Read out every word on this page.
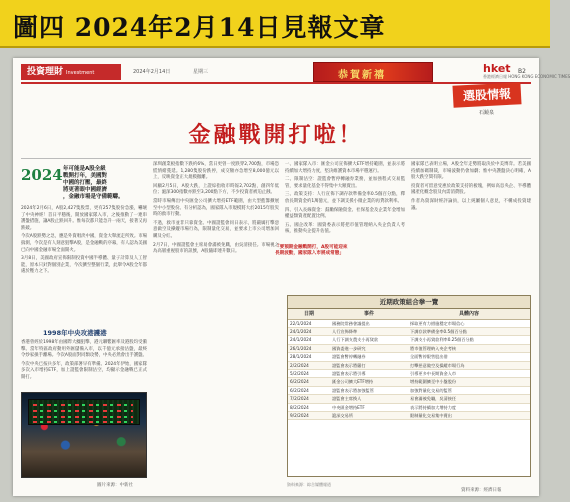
圖四 2024年2月14日見報文章
投資理財 Investment	2024年2月14日	星期三	恭賀新禧
hket
香港經濟日報 HONG KONG ECONOMIC TIMES
B2
選股情報
石鏡泉
金融戰開打啦！
2024 年可能是A股全級
戰開打年，美國對
中國的打壓，最終
將更著眼中國經濟
，金融市場是守備範疇。

2024年2月6日，A股2,427隻股票，更有257隻股份急漲，嚇壞了中央神經！首日平穩後，開放國家隊入市，之後推動了一連串護盤措施，讓A股止跌回升。惟每次都只能急升一兩天，接著又再跌破。

今次A股跌勢之急，應是外資唱淡中國，資金大舉流走所致。市場揣測，今次是有人刻意狙擊A股，是金融戰的序幕，有人認為美國已向中國金融市場全面開火。

3月8日，美國政府宣佈限制投資中國半導體、量子計算及人工智能，原本只針對個別企業，今次擴至整個行業，此舉令A股全年都處於壓力之下。

1998年中央攻港護港

香港曾經於1998年由國際大鱷狙擊，港元聯繫匯率及港股均受衝擊。當年特區政府動用外匯儲備入市，以千億元承接沽盤，最終令炒家損手離場。今次A股面對同類攻勢，中央必然會出手護盤。

今次中央已按兵多年，政策部署早有準備。2024年伊始，國家隊多次入市增持ETF，加上證監會限制沽空，均顯示金融戰已正式開打。

圖片來源：中新社

深圳創業板指數下跌約6%，當日更曾一度跌穿2,700點，市場恐慌情緒蔓延。1,280隻股份跌停，成交額亦急增至8,000億元以上，反映資金正大規模撤離。

回顧2月5日，A股大跌，上證綜指收市時報2,702點，創四年低位；滬深300指數亦跌至3,200點下方，不少投資者被迫止蝕。

當時市場傳出中央匯金公司擴大增持ETF範圍，由大型藍籌擴展至中小型股份。有分析認為，國家隊入市規模將大於2015年股災時的救市行動。

不過，救市並非只靠資金。中國證監會同日表示，將嚴厲打擊惡意做空及操縱市場行為，限制量化交易，並要求上市公司增加回購及分紅。

2月7日，中國證監會主席易會滿被免職，由吳清接任。市場視之為高層重視股市的訊號，A股隨即連升數日。

一、國家隊入市：匯金公司宣佈擴大ETF增持範圍，並表示將持續加大增持力度，堅決維護資本市場平穩運行。

二、限制沽空：證監會暫停轉融券業務，並加強程式交易監管，要求量化基金不得集中大額賣出。

三、政策支持：人行宣佈下調存款準備金率0.5個百分點，釋放長期資金約1萬億元，並下調支援小微企業的再貸款利率。

四、引入長線資金：鼓勵保險資金、社保基金及企業年金增加權益類資產配置比例。

五、國企改革：國資委表示將把市值管理納入央企負責人考核，推動央企提升估值。

「要預期金融戰開打，A股可能迎來

長期波動，國家隊入市將成常態」

國家隊已表明立場，A股全年走勢將取決於中美博弈。若美國持續加碼制裁，市場波動仍會加劇；惟中央護盤決心明確，A股大跌空間有限。

投資者可留意受惠於政策支持的板塊，例如高息央企、半導體國產化概念股及內需消費股。

作者為資深財經評論員，以上純屬個人意見，不構成投資建議。

近期政策組合拳一覽
日期	事件	具體內容
22/1/2024	國務院常務會議提出	採取更有力措施穩定市場信心
24/1/2024	人行宣佈降準	下調存款準備金率0.5個百分點
24/1/2024	人行下調支農支小再貸款	下調支小再貸款利率0.25個百分點
26/1/2024	國資委進一步研究	將市值管理納入央企考核
28/1/2024	證監會暫停轉融券	全面暫停限售股出借
2/2/2024	證監會表示將嚴打	打擊惡意做空及操縱市場行為
5/2/2024	證監會表示將引導	引導更多中長期資金入市
6/2/2024	匯金公司擴大ETF增持	增持範圍擴至中小盤股份
6/2/2024	證監會表示將加強監管	加強對量化交易的監管
7/2/2024	證監會主席換人	易會滿被免職，吳清接任
8/2/2024	中央匯金增持ETF	表示將持續加大增持力度
9/2/2024	滬深交易所	限制量化交易集中賣出
資料來源：綜合媒體報道
資料來源：經濟日報
